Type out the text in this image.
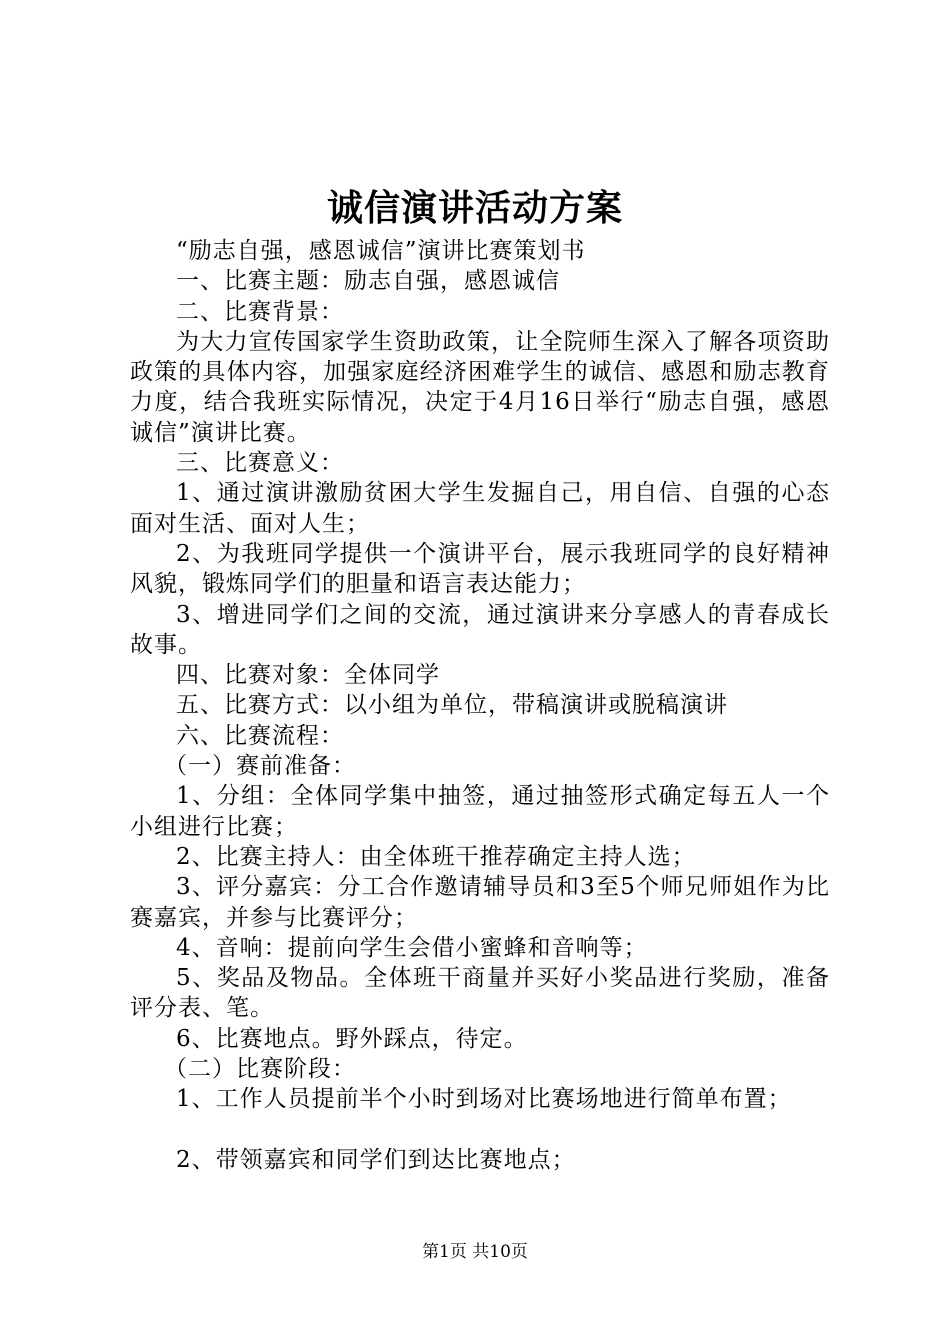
诚信演讲活动方案

“励志自强，感恩诚信”演讲比赛策划书

一、比赛主题：励志自强，感恩诚信

二、比赛背景：

为大力宣传国家学生资助政策，让全院师生深入了解各项资助政策的具体内容，加强家庭经济困难学生的诚信、感恩和励志教育力度，结合我班实际情况，决定于4月16日举行“励志自强，感恩诚信”演讲比赛。

三、比赛意义：

1、通过演讲激励贫困大学生发掘自己，用自信、自强的心态面对生活、面对人生；

2、为我班同学提供一个演讲平台，展示我班同学的良好精神风貌，锻炼同学们的胆量和语言表达能力；

3、增进同学们之间的交流，通过演讲来分享感人的青春成长故事。

四、比赛对象：全体同学

五、比赛方式：以小组为单位，带稿演讲或脱稿演讲

六、比赛流程：

（一）赛前准备：

1、分组：全体同学集中抽签，通过抽签形式确定每五人一个小组进行比赛；

2、比赛主持人：由全体班干推荐确定主持人选；

3、评分嘉宾：分工合作邀请辅导员和3至5个师兄师姐作为比赛嘉宾，并参与比赛评分；

4、音响：提前向学生会借小蜜蜂和音响等；

5、奖品及物品。全体班干商量并买好小奖品进行奖励，准备评分表、笔。

6、比赛地点。野外踩点，待定。

（二）比赛阶段：

1、工作人员提前半个小时到场对比赛场地进行简单布置；

2、带领嘉宾和同学们到达比赛地点；

第1页 共10页
